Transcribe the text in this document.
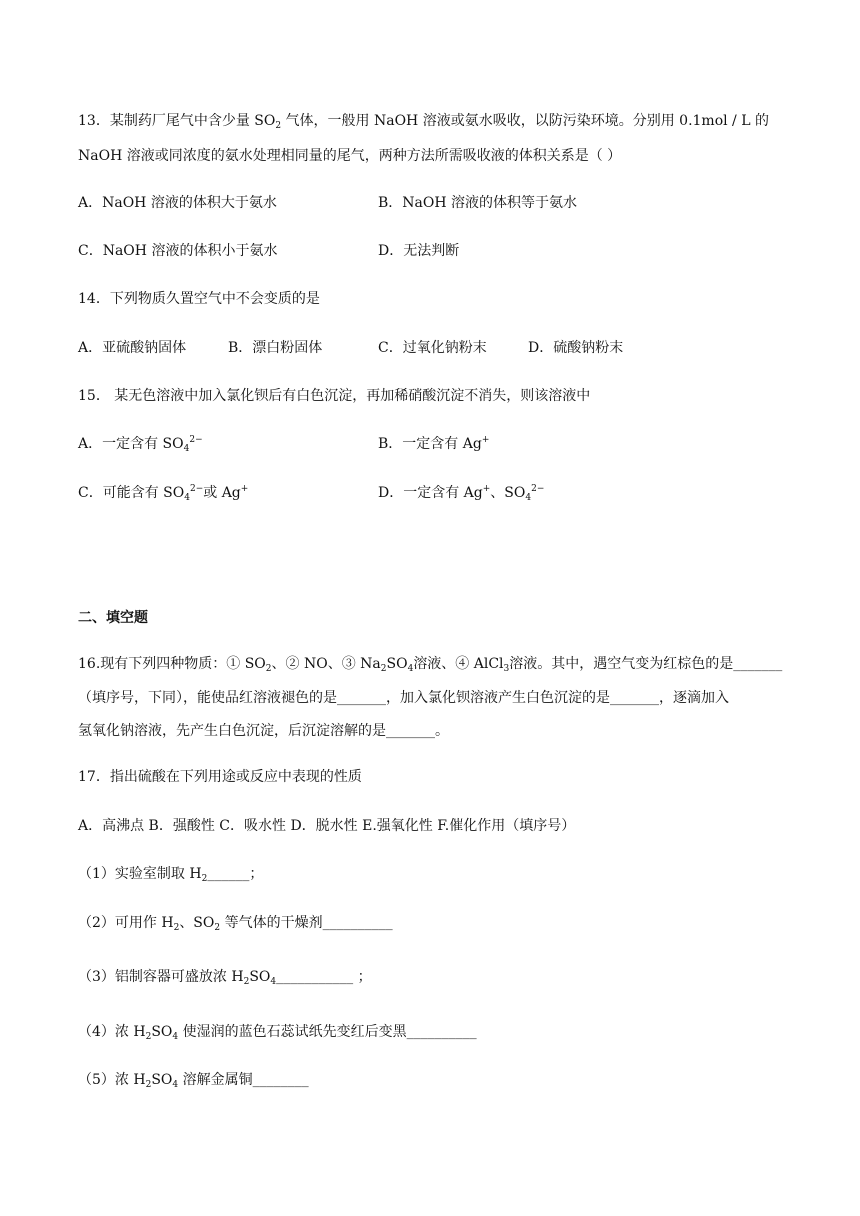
13．某制药厂尾气中含少量 $SO_2$ 气体，一般用 NaOH 溶液或氨水吸收，以防污染环境。分别用 0.1mol / L 的
NaOH 溶液或同浓度的氨水处理相同量的尾气，两种方法所需吸收液的体积关系是（ ）
A．NaOH 溶液的体积大于氨水	B．NaOH 溶液的体积等于氨水
C．NaOH 溶液的体积小于氨水	D．无法判断
14．下列物质久置空气中不会变质的是
A．亚硫酸钠固体	B．漂白粉固体	C．过氧化钠粉末	D．硫酸钠粉末
15． 某无色溶液中加入氯化钡后有白色沉淀，再加稀硝酸沉淀不消失，则该溶液中
A．一定含有 $SO_4^{2-}$	B．一定含有 Ag+
C．可能含有 $SO_4^{2-}$或 Ag+	D．一定含有 Ag+、$SO_4^{2-}$
二、填空题
16.现有下列四种物质：① $SO_2$、② NO、③ $Na_2SO_4$溶液、④ AlCl$_3$溶液。其中，遇空气变为红棕色的是_______
（填序号，下同），能使品红溶液褪色的是_______，加入氯化钡溶液产生白色沉淀的是_______，逐滴加入
氢氧化钠溶液，先产生白色沉淀，后沉淀溶解的是_______。
17．指出硫酸在下列用途或反应中表现的性质
A．高沸点 B．强酸性 C．吸水性 D．脱水性 E.强氧化性 F.催化作用（填序号）
（1）实验室制取 $H_2\_\_\_\_\_\_$；
（2）可用作 $H_2$、$SO_2$ 等气体的干燥剂__________
（3）铝制容器可盛放浓 $H_2SO_4\_\_\_\_\_\_\_\_\_\_\_$ ；
（4）浓 $H_2SO_4$ 使湿润的蓝色石蕊试纸先变红后变黑__________
（5）浓 $H_2SO_4$ 溶解金属铜________
